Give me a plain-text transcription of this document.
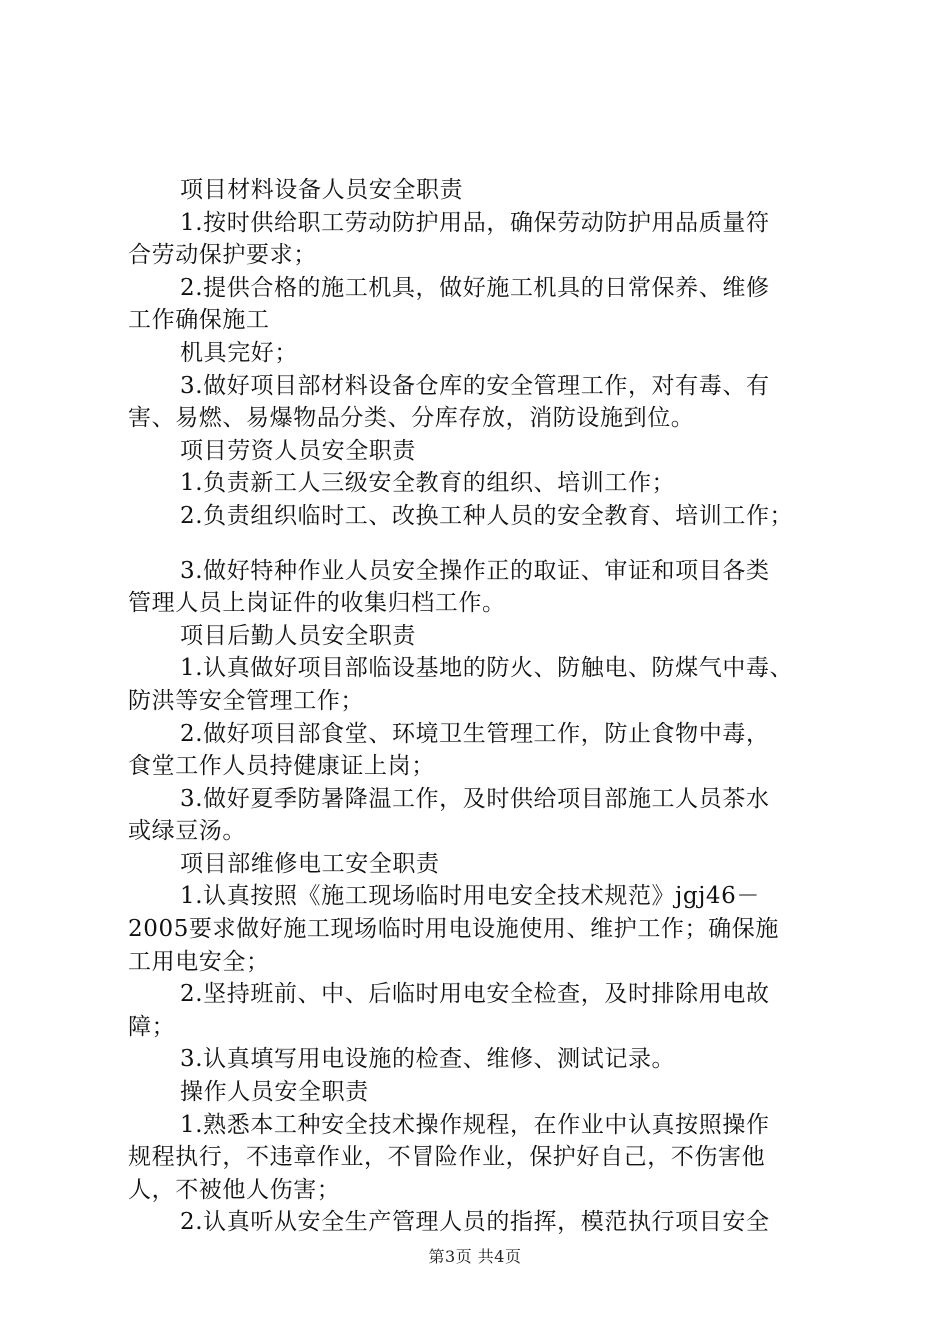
项目材料设备人员安全职责
1.按时供给职工劳动防护用品，确保劳动防护用品质量符
合劳动保护要求；
2.提供合格的施工机具，做好施工机具的日常保养、维修
工作确保施工
机具完好；
3.做好项目部材料设备仓库的安全管理工作，对有毒、有
害、易燃、易爆物品分类、分库存放，消防设施到位。
项目劳资人员安全职责
1.负责新工人三级安全教育的组织、培训工作；
2.负责组织临时工、改换工种人员的安全教育、培训工作；
3.做好特种作业人员安全操作正的取证、审证和项目各类
管理人员上岗证件的收集归档工作。
项目后勤人员安全职责
1.认真做好项目部临设基地的防火、防触电、防煤气中毒、
防洪等安全管理工作；
2.做好项目部食堂、环境卫生管理工作，防止食物中毒，
食堂工作人员持健康证上岗；
3.做好夏季防暑降温工作，及时供给项目部施工人员茶水
或绿豆汤。
项目部维修电工安全职责
1.认真按照《施工现场临时用电安全技术规范》jgj46－
2005要求做好施工现场临时用电设施使用、维护工作；确保施
工用电安全；
2.坚持班前、中、后临时用电安全检查，及时排除用电故
障；
3.认真填写用电设施的检查、维修、测试记录。
操作人员安全职责
1.熟悉本工种安全技术操作规程，在作业中认真按照操作
规程执行，不违章作业，不冒险作业，保护好自己，不伤害他
人，不被他人伤害；
2.认真听从安全生产管理人员的指挥，模范执行项目安全
第3页 共4页
